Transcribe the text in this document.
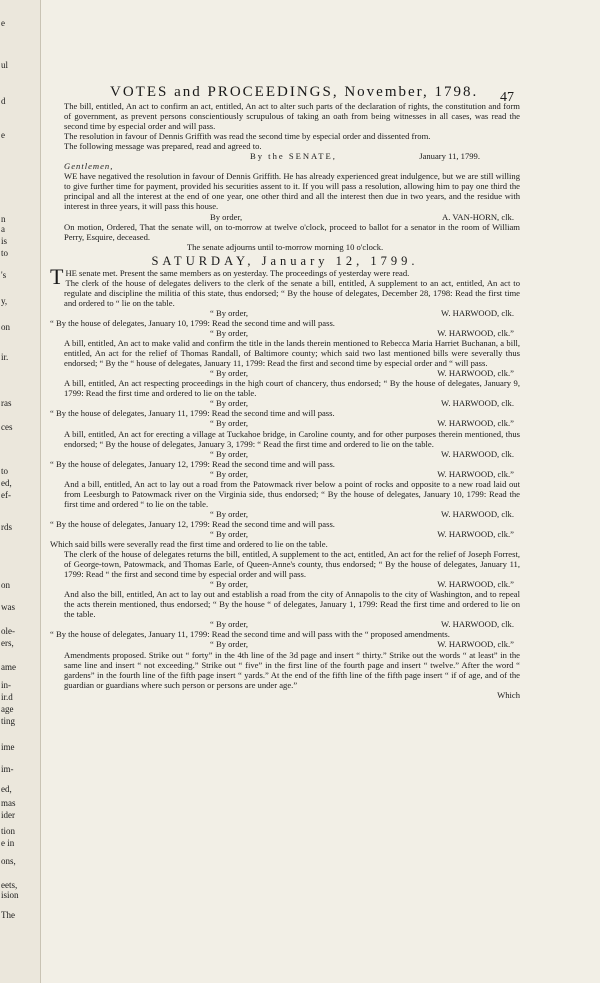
e
ul
d
e
n
a
is
to
's
y,
on
ir.
ras
ces
to
ed,
ef-
rds
on
was
ole-
ers,
ame
in-
ir.d
age
ting
ime
im-
ed,
mas
ider
tion
e in
ons,
eets,
ision
The
VOTES and PROCEEDINGS, November, 1798.	47

The bill, entitled, An act to confirm an act, entitled, An act to alter such parts of the declaration of rights, the constitution and form of government, as prevent persons conscientiously scrupulous of taking an oath from being witnesses in all cases, was read the second time by especial order and will pass.

The resolution in favour of Dennis Griffith was read the second time by especial order and dissented from.

The following message was prepared, read and agreed to.

By the SENATE,	January 11, 1799.

Gentlemen,

WE have negatived the resolution in favour of Dennis Griffith. He has already experienced great indulgence, but we are still willing to give further time for payment, provided his securities assent to it. If you will pass a resolution, allowing him to pay one third the principal and all the interest at the end of one year, one other third and all the interest then due in two years, and the residue with interest in three years, it will pass this house.

By order,	A. VAN-HORN, clk.

On motion, Ordered, That the senate will, on to-morrow at twelve o'clock, proceed to ballot for a senator in the room of William Perry, Esquire, deceased.

The senate adjourns until to-morrow morning 10 o'clock.

SATURDAY, January 12, 1799.

THE senate met. Present the same members as on yesterday. The proceedings of yesterday were read.

The clerk of the house of delegates delivers to the clerk of the senate a bill, entitled, A supplement to an act, entitled, An act to regulate and discipline the militia of this state, thus endorsed; “ By the house of delegates, December 28, 1798: Read the first time and ordered to “ lie on the table.

“ By order,	W. HARWOOD, clk.

“ By the house of delegates, January 10, 1799: Read the second time and will pass.

“ By order,	W. HARWOOD, clk.”

A bill, entitled, An act to make valid and confirm the title in the lands therein mentioned to Rebecca Maria Harriet Buchanan, a bill, entitled, An act for the relief of Thomas Randall, of Baltimore county; which said two last mentioned bills were severally thus endorsed; “ By the “ house of delegates, January 11, 1799: Read the first and second time by especial order and “ will pass.

“ By order,	W. HARWOOD, clk.”

A bill, entitled, An act respecting proceedings in the high court of chancery, thus endorsed; “ By the house of delegates, January 9, 1799: Read the first time and ordered to lie on the table.

“ By order,	W. HARWOOD, clk.

“ By the house of delegates, January 11, 1799: Read the second time and will pass.

“ By order,	W. HARWOOD, clk.”

A bill, entitled, An act for erecting a village at Tuckahoe bridge, in Caroline county, and for other purposes therein mentioned, thus endorsed; “ By the house of delegates, January 3, 1799: “ Read the first time and ordered to lie on the table.

“ By order,	W. HARWOOD, clk.

“ By the house of delegates, January 12, 1799: Read the second time and will pass.

“ By order,	W. HARWOOD, clk.”

And a bill, entitled, An act to lay out a road from the Patowmack river below a point of rocks and opposite to a new road laid out from Leesburgh to Patowmack river on the Virginia side, thus endorsed; “ By the house of delegates, January 10, 1799: Read the first time and ordered “ to lie on the table.

“ By order,	W. HARWOOD, clk.

“ By the house of delegates, January 12, 1799: Read the second time and will pass.

“ By order,	W. HARWOOD, clk.”

Which said bills were severally read the first time and ordered to lie on the table.

The clerk of the house of delegates returns the bill, entitled, A supplement to the act, entitled, An act for the relief of Joseph Forrest, of George-town, Patowmack, and Thomas Earle, of Queen-Anne's county, thus endorsed; “ By the house of delegates, January 11, 1799: Read “ the first and second time by especial order and will pass.

“ By order,	W. HARWOOD, clk.”

And also the bill, entitled, An act to lay out and establish a road from the city of Annapolis to the city of Washington, and to repeal the acts therein mentioned, thus endorsed; “ By the house “ of delegates, January 1, 1799: Read the first time and ordered to lie on the table.

“ By order,	W. HARWOOD, clk.

“ By the house of delegates, January 11, 1799: Read the second time and will pass with the “ proposed amendments.

“ By order,	W. HARWOOD, clk.”

Amendments proposed. Strike out “ forty” in the 4th line of the 3d page and insert “ thirty.” Strike out the words “ at least” in the same line and insert “ not exceeding.” Strike out “ five” in the first line of the fourth page and insert “ twelve.” After the word “ gardens” in the fourth line of the fifth page insert “ yards.” At the end of the fifth line of the fifth page insert “ if of age, and of the guardian or guardians where such person or persons are under age.”

Which
